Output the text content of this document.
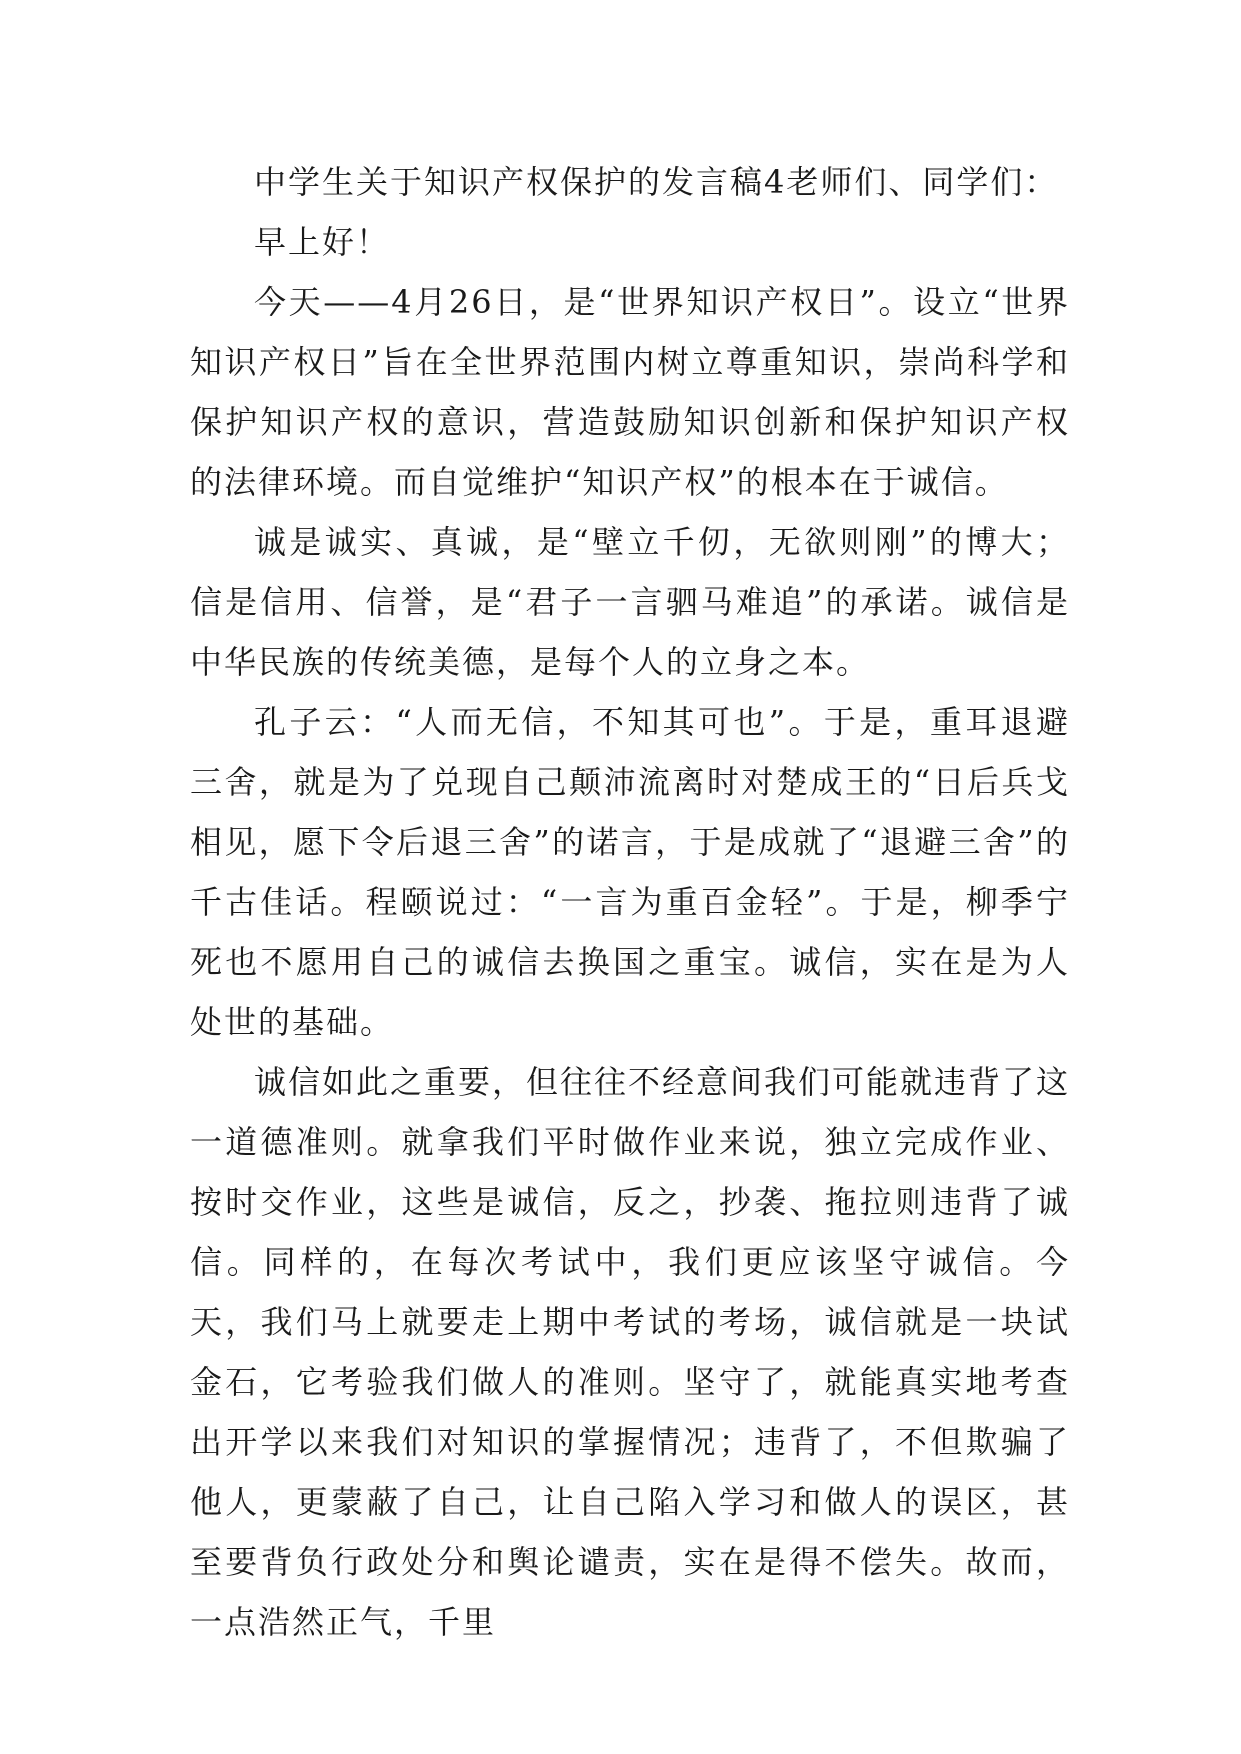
中学生关于知识产权保护的发言稿4老师们、同学们：

早上好！

今天——4月26日，是“世界知识产权日”。设立“世界知识产权日”旨在全世界范围内树立尊重知识，崇尚科学和保护知识产权的意识，营造鼓励知识创新和保护知识产权的法律环境。而自觉维护“知识产权”的根本在于诚信。

诚是诚实、真诚，是“壁立千仞，无欲则刚”的博大；信是信用、信誉，是“君子一言驷马难追”的承诺。诚信是中华民族的传统美德，是每个人的立身之本。

孔子云：“人而无信，不知其可也”。于是，重耳退避三舍，就是为了兑现自己颠沛流离时对楚成王的“日后兵戈相见，愿下令后退三舍”的诺言，于是成就了“退避三舍”的千古佳话。程颐说过：“一言为重百金轻”。于是，柳季宁死也不愿用自己的诚信去换国之重宝。诚信，实在是为人处世的基础。

诚信如此之重要，但往往不经意间我们可能就违背了这一道德准则。就拿我们平时做作业来说，独立完成作业、按时交作业，这些是诚信，反之，抄袭、拖拉则违背了诚信。同样的，在每次考试中，我们更应该坚守诚信。今天，我们马上就要走上期中考试的考场，诚信就是一块试金石，它考验我们做人的准则。坚守了，就能真实地考查出开学以来我们对知识的掌握情况；违背了，不但欺骗了他人，更蒙蔽了自己，让自己陷入学习和做人的误区，甚至要背负行政处分和舆论谴责，实在是得不偿失。故而，一点浩然正气，千里
